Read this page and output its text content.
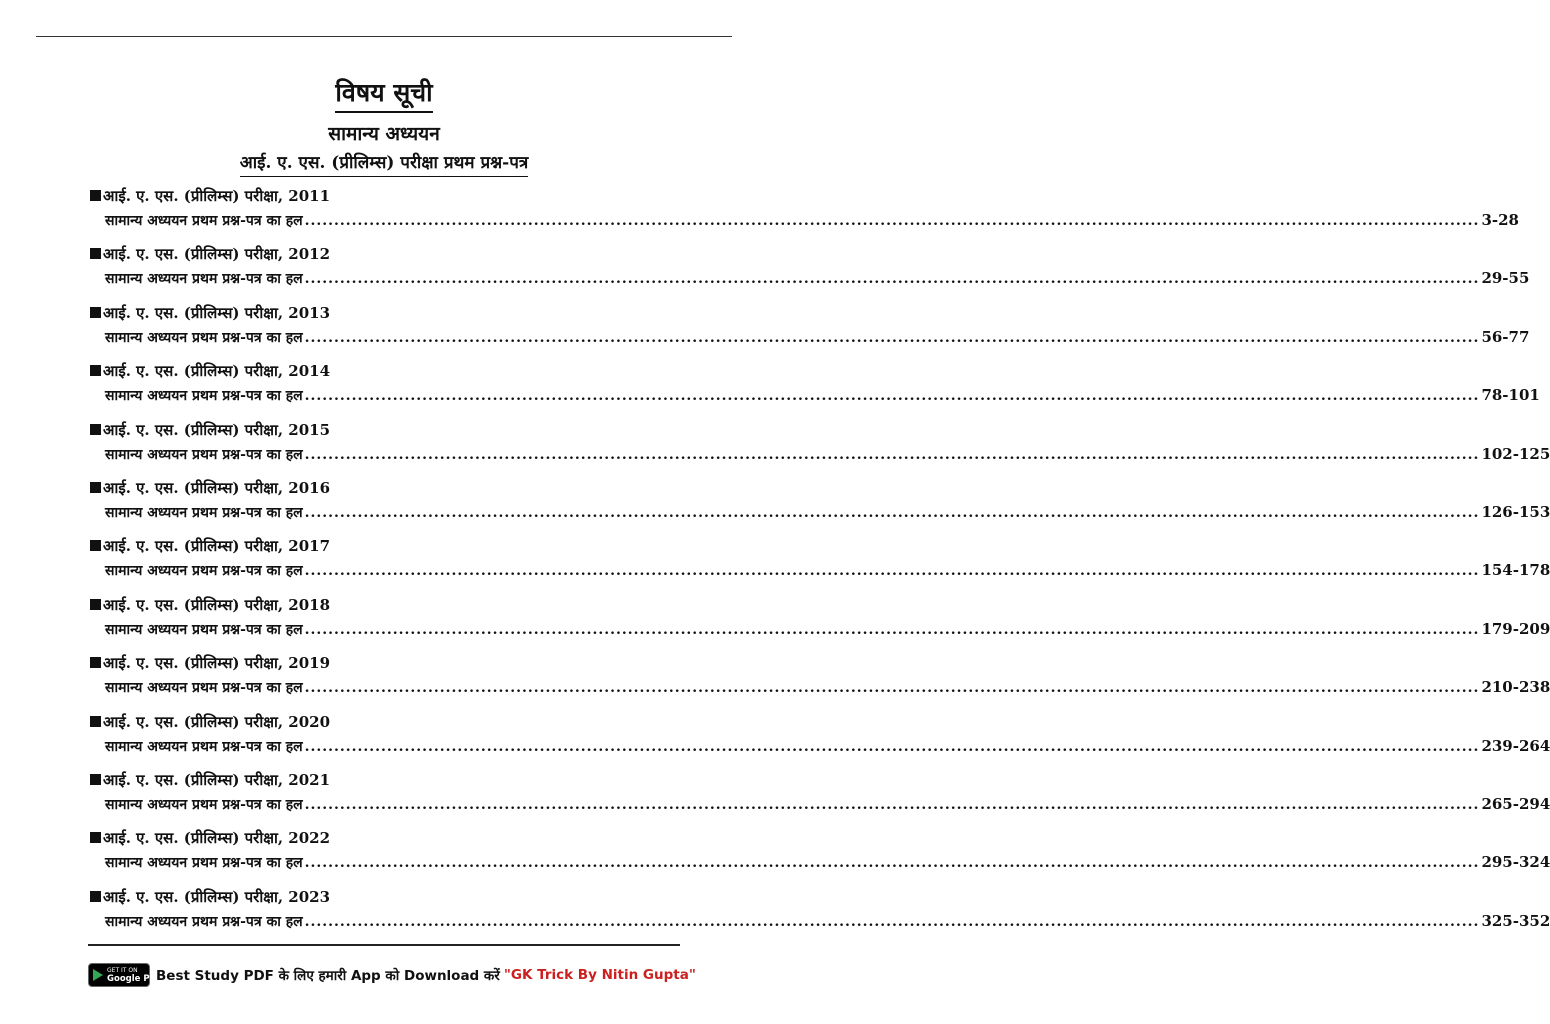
विषय सूची
सामान्य अध्ययन
आई. ए. एस. (प्रीलिम्स) परीक्षा प्रथम प्रश्न-पत्र
आई. ए. एस. (प्रीलिम्स) परीक्षा, 2011
सामान्य अध्ययन प्रथम प्रश्न-पत्र का हल ........................................................................................................................................................................................................ 3-28
आई. ए. एस. (प्रीलिम्स) परीक्षा, 2012
सामान्य अध्ययन प्रथम प्रश्न-पत्र का हल ........................................................................................................................................................................................................ 29-55
आई. ए. एस. (प्रीलिम्स) परीक्षा, 2013
सामान्य अध्ययन प्रथम प्रश्न-पत्र का हल ........................................................................................................................................................................................................ 56-77
आई. ए. एस. (प्रीलिम्स) परीक्षा, 2014
सामान्य अध्ययन प्रथम प्रश्न-पत्र का हल ........................................................................................................................................................................................................ 78-101
आई. ए. एस. (प्रीलिम्स) परीक्षा, 2015
सामान्य अध्ययन प्रथम प्रश्न-पत्र का हल ........................................................................................................................................................................................................ 102-125
आई. ए. एस. (प्रीलिम्स) परीक्षा, 2016
सामान्य अध्ययन प्रथम प्रश्न-पत्र का हल ........................................................................................................................................................................................................ 126-153
आई. ए. एस. (प्रीलिम्स) परीक्षा, 2017
सामान्य अध्ययन प्रथम प्रश्न-पत्र का हल ........................................................................................................................................................................................................ 154-178
आई. ए. एस. (प्रीलिम्स) परीक्षा, 2018
सामान्य अध्ययन प्रथम प्रश्न-पत्र का हल ........................................................................................................................................................................................................ 179-209
आई. ए. एस. (प्रीलिम्स) परीक्षा, 2019
सामान्य अध्ययन प्रथम प्रश्न-पत्र का हल ........................................................................................................................................................................................................ 210-238
आई. ए. एस. (प्रीलिम्स) परीक्षा, 2020
सामान्य अध्ययन प्रथम प्रश्न-पत्र का हल ........................................................................................................................................................................................................ 239-264
आई. ए. एस. (प्रीलिम्स) परीक्षा, 2021
सामान्य अध्ययन प्रथम प्रश्न-पत्र का हल ........................................................................................................................................................................................................ 265-294
आई. ए. एस. (प्रीलिम्स) परीक्षा, 2022
सामान्य अध्ययन प्रथम प्रश्न-पत्र का हल ........................................................................................................................................................................................................ 295-324
आई. ए. एस. (प्रीलिम्स) परीक्षा, 2023
सामान्य अध्ययन प्रथम प्रश्न-पत्र का हल ........................................................................................................................................................................................................ 325-352
GET IT ON
Google Play
Best Study PDF के लिए हमारी App को Download करें "GK Trick By Nitin Gupta"
